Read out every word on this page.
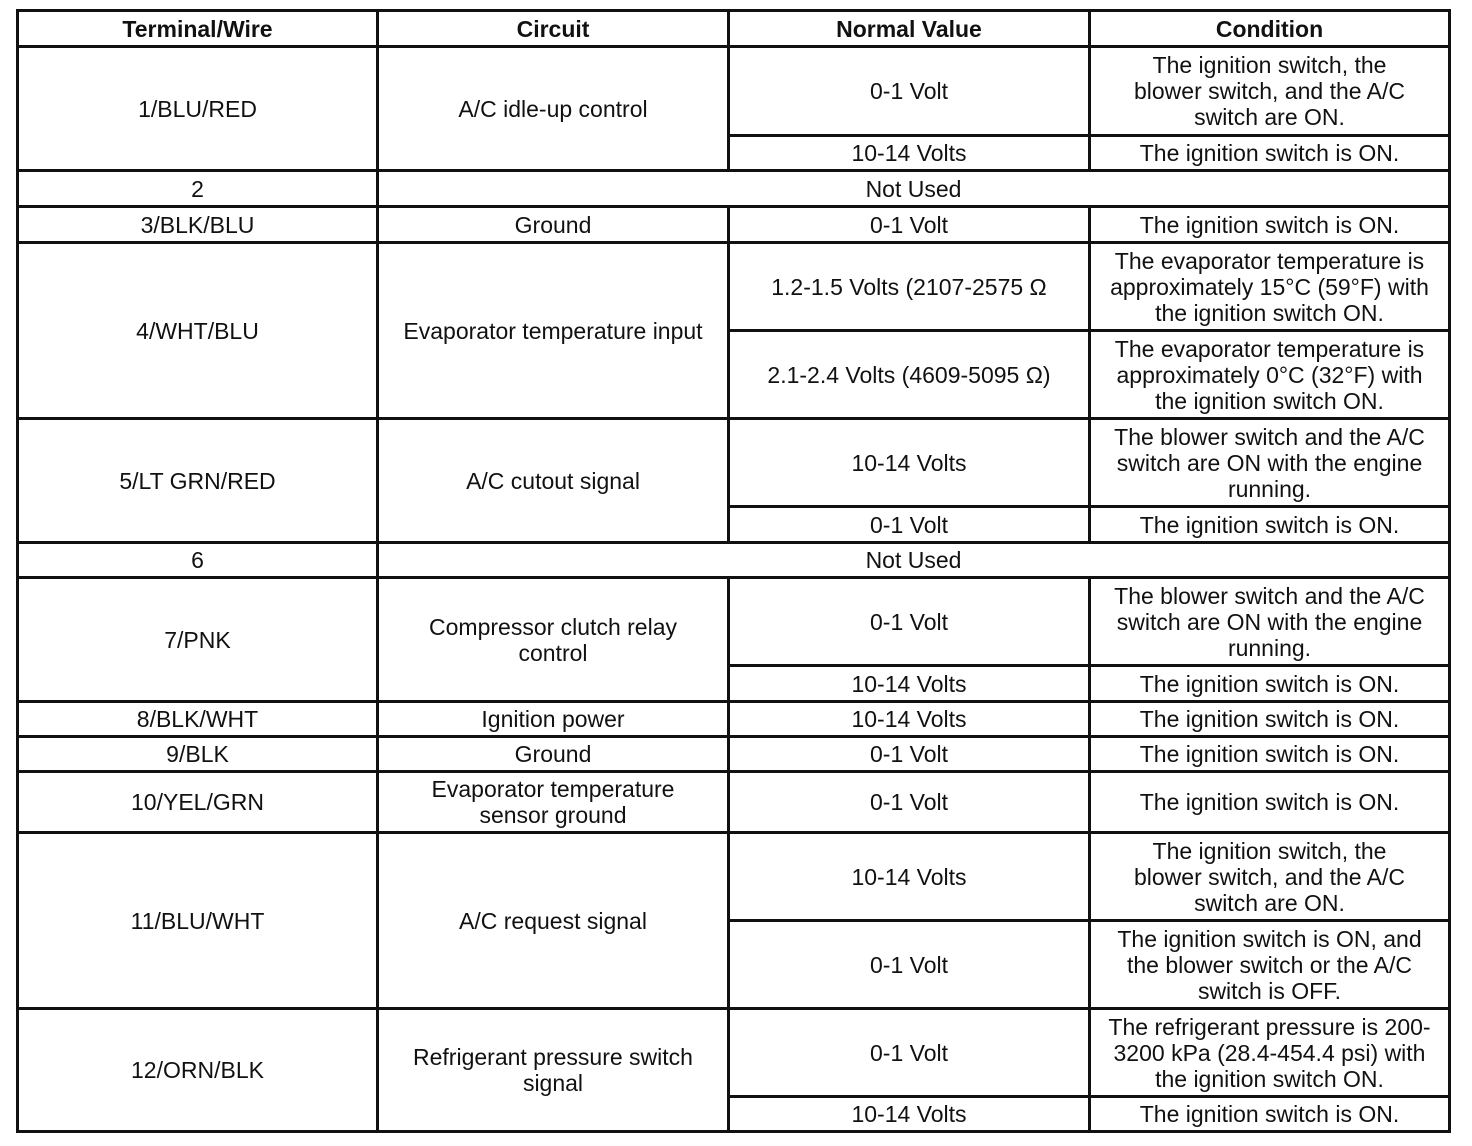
Terminal/Wire	Circuit	Normal Value	Condition
1/BLU/RED	A/C idle-up control	0-1 Volt	The ignition switch, the blower switch, and the A/C switch are ON.
		10-14 Volts	The ignition switch is ON.
2	Not Used		
3/BLK/BLU	Ground	0-1 Volt	The ignition switch is ON.
4/WHT/BLU	Evaporator temperature input	1.2-1.5 Volts (2107-2575 Ω	The evaporator temperature is approximately 15°C (59°F) with the ignition switch ON.
		2.1-2.4 Volts (4609-5095 Ω)	The evaporator temperature is approximately 0°C (32°F) with the ignition switch ON.
5/LT GRN/RED	A/C cutout signal	10-14 Volts	The blower switch and the A/C switch are ON with the engine running.
		0-1 Volt	The ignition switch is ON.
6	Not Used		
7/PNK	Compressor clutch relay control	0-1 Volt	The blower switch and the A/C switch are ON with the engine running.
		10-14 Volts	The ignition switch is ON.
8/BLK/WHT	Ignition power	10-14 Volts	The ignition switch is ON.
9/BLK	Ground	0-1 Volt	The ignition switch is ON.
10/YEL/GRN	Evaporator temperature sensor ground	0-1 Volt	The ignition switch is ON.
11/BLU/WHT	A/C request signal	10-14 Volts	The ignition switch, the blower switch, and the A/C switch are ON.
		0-1 Volt	The ignition switch is ON, and the blower switch or the A/C switch is OFF.
12/ORN/BLK	Refrigerant pressure switch signal	0-1 Volt	The refrigerant pressure is 200-3200 kPa (28.4-454.4 psi) with the ignition switch ON.
		10-14 Volts	The ignition switch is ON.
